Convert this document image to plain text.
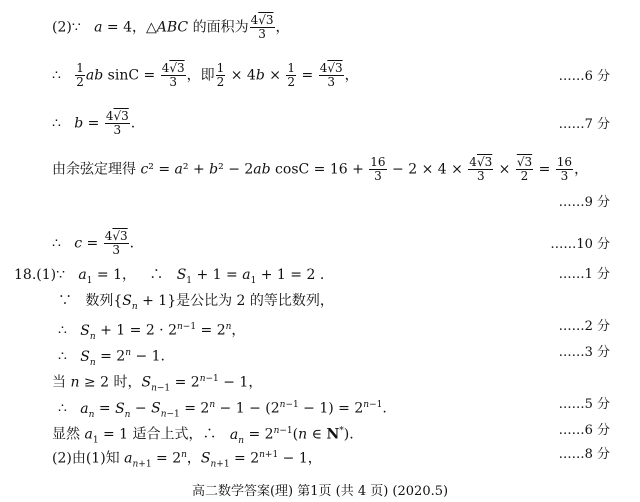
(2)∵   a = 4，△ABC 的面积为 $\frac{4√3}{3}$ ，
∴ $\frac{1}{2}$ ab $\sin C = \frac{4√3}{3}$ ，即 $\frac{1}{2} \times 4b \times \frac{1}{2} = \frac{4√3}{3}$ ，	……6 分
∴   $b = \frac{4√3}{3}$ .	……7 分
由余弦定理得 c² = a² + b² − 2ab $\cos C = 16 + \frac{16}{3} - 2 \times 4 \times \frac{4√3}{3} \times \frac{√3}{2} = \frac{16}{3}$ ，
……9 分
∴   $c = \frac{4√3}{3}$ .	……10 分
18.(1)∵   $a_1 = 1$，   ∴   $S_1 + 1 = a_1 + 1 = 2$ .	……1 分
∵   数列$\{S_n + 1\}$是公比为 2 的等比数列，
∴   $S_n + 1 = 2 \cdot 2^{n-1} = 2^n$，	……2 分
∴   $S_n = 2^n - 1$.	……3 分
当 n ≥ 2 时，$S_{n-1} = 2^{n-1} - 1$，
∴   $a_n = S_n - S_{n-1} = 2^n - 1 - (2^{n-1} - 1) = 2^{n-1}$.	……5 分
显然 $a_1 = 1$ 适合上式，∴   $a_n = 2^{n-1}(n$ ∈ N*).	……6 分
(2)由(1)知 $a_{n+1} = 2^n$，$S_{n+1} = 2^{n+1} - 1$，	……8 分
高二数学答案(理) 第1页 (共 4 页) (2020.5)
